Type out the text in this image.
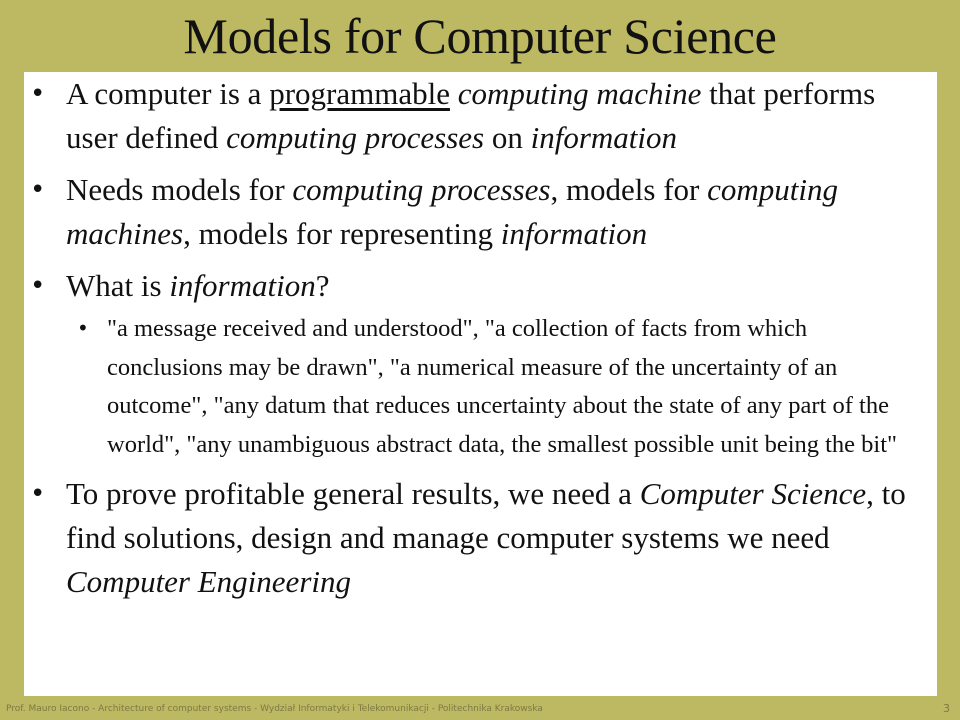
Models for Computer Science
• A computer is a programmable computing machine that performs user defined computing processes on information
• Needs models for computing processes, models for computing machines, models for representing information
• What is information?
• "a message received and understood", "a collection of facts from which conclusions may be drawn", "a numerical measure of the uncertainty of an outcome", "any datum that reduces uncertainty about the state of any part of the world", "any unambiguous abstract data, the smallest possible unit being the bit"
• To prove profitable general results, we need a Computer Science, to find solutions, design and manage computer systems we need Computer Engineering
Prof. Mauro Iacono - Architecture of computer systems - Wydział Informatyki i Telekomunikacji - Politechnika Krakowska	3
